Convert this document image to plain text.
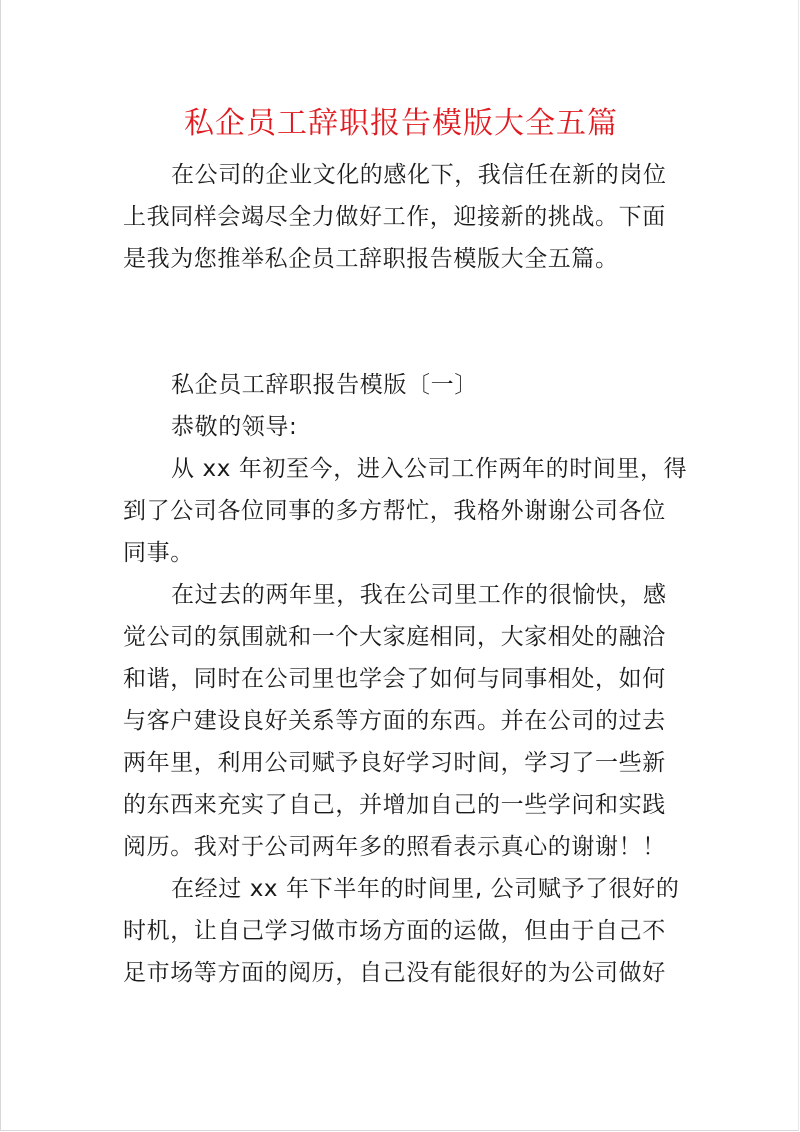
私企员工辞职报告模版大全五篇
在公司的企业文化的感化下，我信任在新的岗位
上我同样会竭尽全力做好工作，迎接新的挑战。下面
是我为您推举私企员工辞职报告模版大全五篇。
私企员工辞职报告模版〔一〕
恭敬的领导:
从 xx 年初至今，进入公司工作两年的时间里，得
到了公司各位同事的多方帮忙，我格外谢谢公司各位
同事。
在过去的两年里，我在公司里工作的很愉快，感
觉公司的氛围就和一个大家庭相同，大家相处的融洽
和谐，同时在公司里也学会了如何与同事相处，如何
与客户建设良好关系等方面的东西。并在公司的过去
两年里，利用公司赋予良好学习时间，学习了一些新
的东西来充实了自己，并增加自己的一些学问和实践
阅历。我对于公司两年多的照看表示真心的谢谢！！
在经过 xx 年下半年的时间里, 公司赋予了很好的
时机，让自己学习做市场方面的运做，但由于自己不
足市场等方面的阅历，自己没有能很好的为公司做好
